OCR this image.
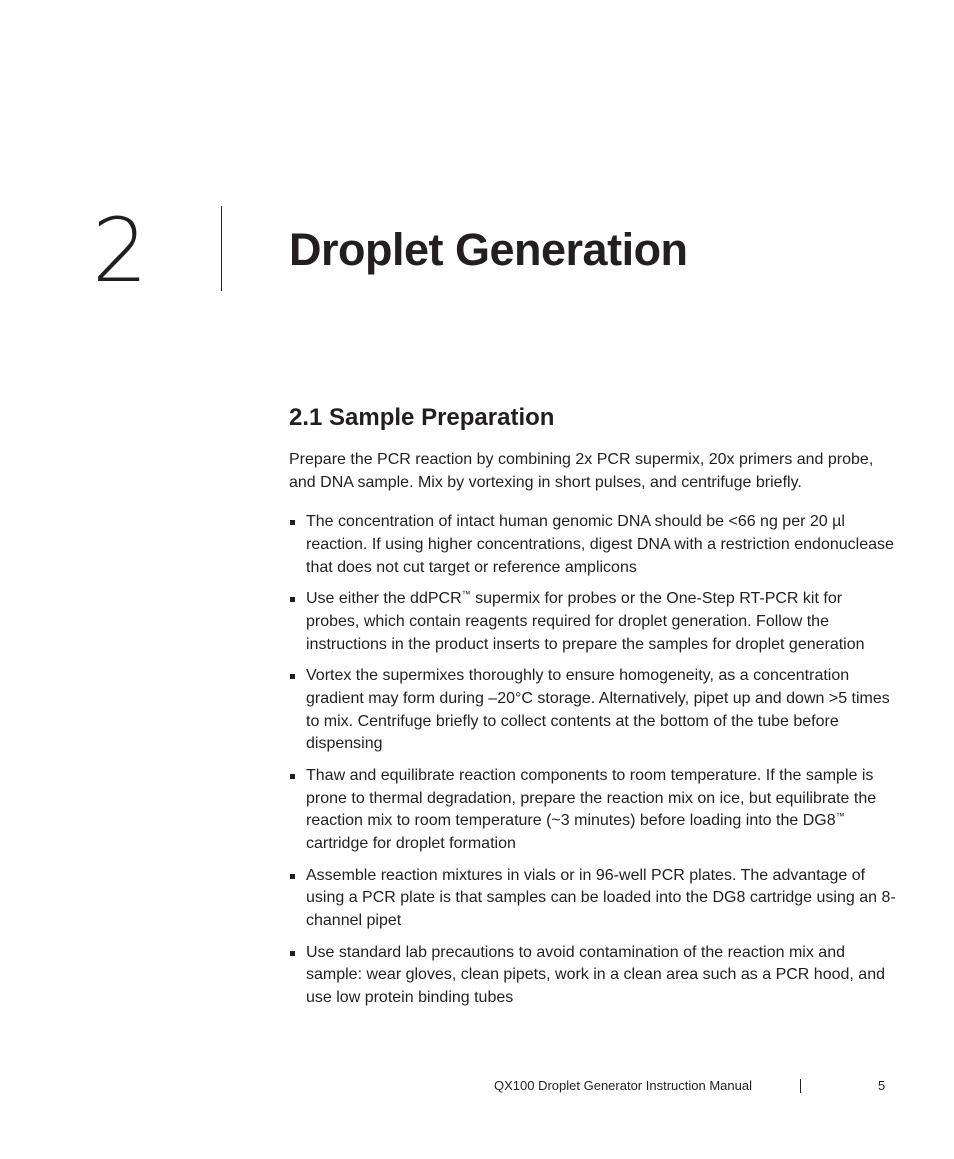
2	Droplet Generation
2.1 Sample Preparation

Prepare the PCR reaction by combining 2x PCR supermix, 20x primers and probe, and DNA sample. Mix by vortexing in short pulses, and centrifuge briefly.

The concentration of intact human genomic DNA should be <66 ng per 20 µl reaction. If using higher concentrations, digest DNA with a restriction endonuclease that does not cut target or reference amplicons
Use either the ddPCR™ supermix for probes or the One-Step RT-PCR kit for probes, which contain reagents required for droplet generation. Follow the instructions in the product inserts to prepare the samples for droplet generation
Vortex the supermixes thoroughly to ensure homogeneity, as a concentration gradient may form during –20°C storage. Alternatively, pipet up and down >5 times to mix. Centrifuge briefly to collect contents at the bottom of the tube before dispensing
Thaw and equilibrate reaction components to room temperature. If the sample is prone to thermal degradation, prepare the reaction mix on ice, but equilibrate the reaction mix to room temperature (~3 minutes) before loading into the DG8™ cartridge for droplet formation
Assemble reaction mixtures in vials or in 96-well PCR plates. The advantage of using a PCR plate is that samples can be loaded into the DG8 cartridge using an 8-channel pipet
Use standard lab precautions to avoid contamination of the reaction mix and sample: wear gloves, clean pipets, work in a clean area such as a PCR hood, and use low protein binding tubes
QX100 Droplet Generator Instruction Manual	5
